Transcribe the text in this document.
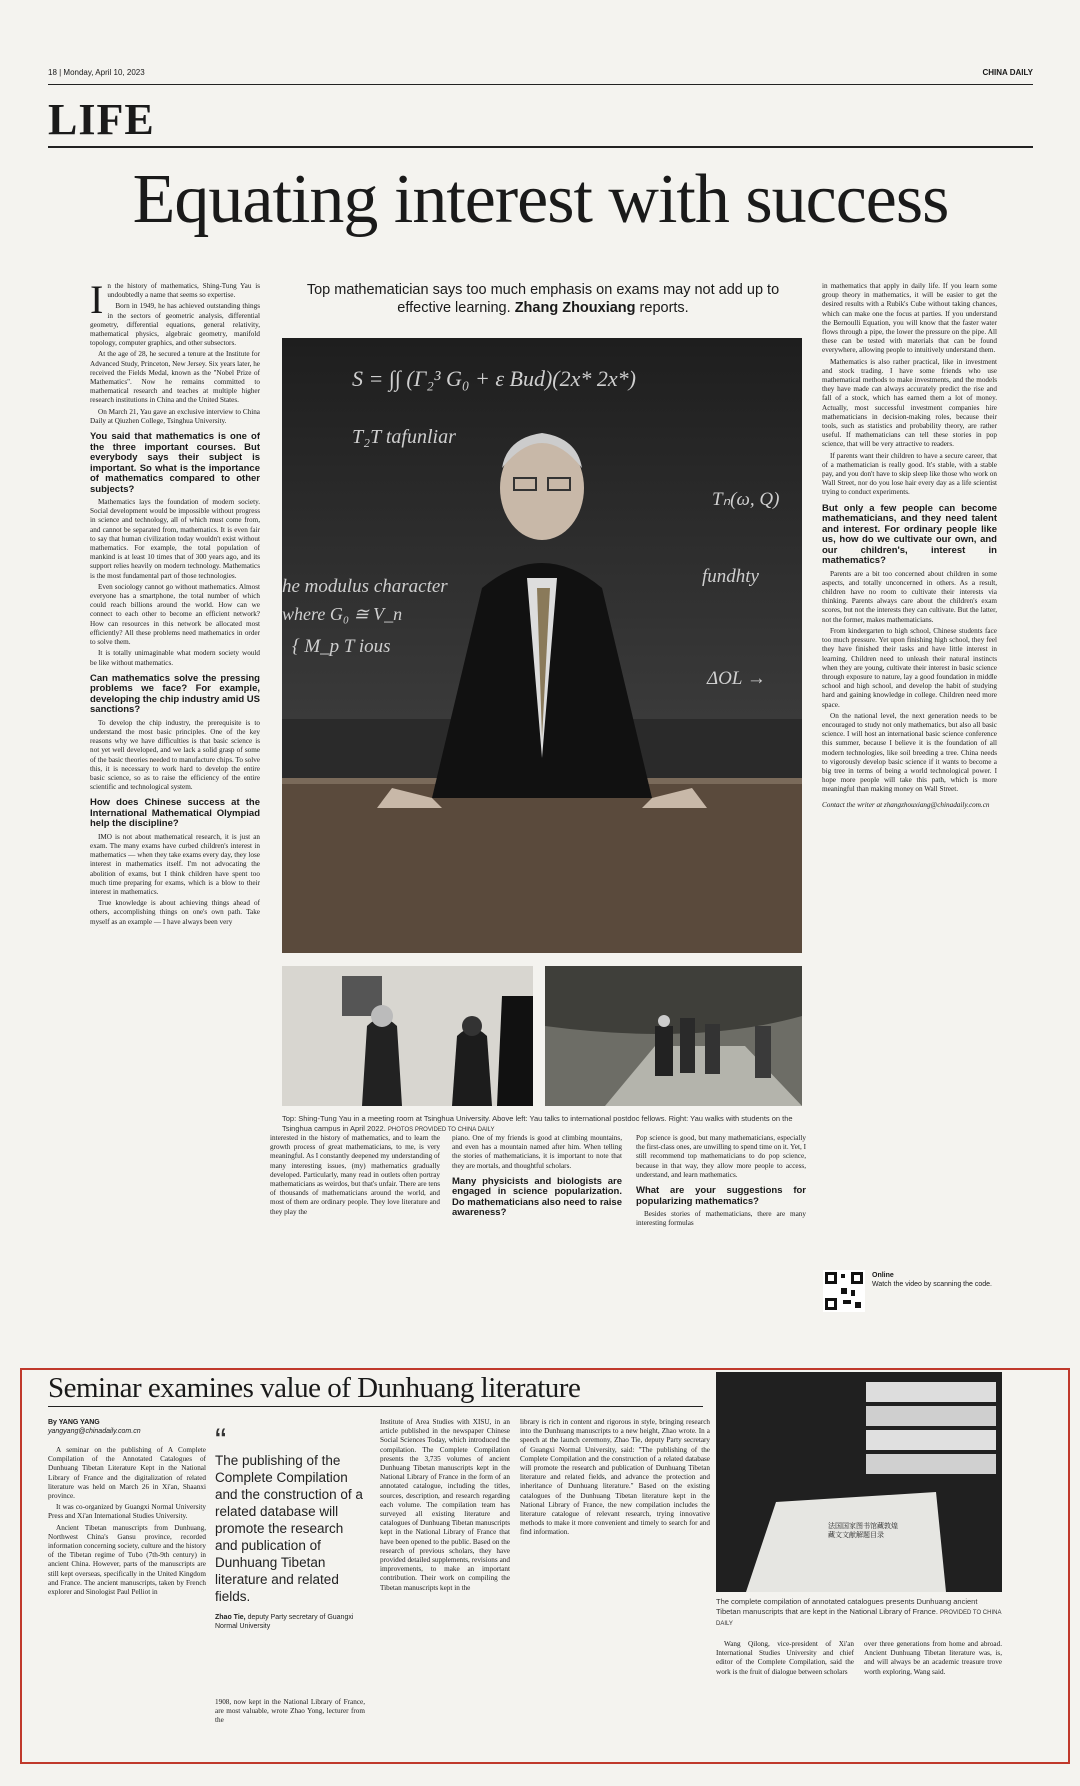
18 | Monday, April 10, 2023	CHINA DAILY
LIFE
Equating interest with success
I n the history of mathematics, Shing-Tung Yau is undoubtedly a name that seems so expertise.

Born in 1949, he has achieved outstanding things in the sectors of geometric analysis, differential geometry, differential equations, general relativity, mathematical physics, algebraic geometry, manifold topology, computer graphics, and other subsectors.

At the age of 28, he secured a tenure at the Institute for Advanced Study, Princeton, New Jersey. Six years later, he received the Fields Medal, known as the "Nobel Prize of Mathematics". Now he remains committed to mathematical research and teaches at multiple higher research institutions in China and the United States.

On March 21, Yau gave an exclusive interview to China Daily at Qiuzhen College, Tsinghua University.

You said that mathematics is one of the three important courses. But everybody says their subject is important. So what is the importance of mathematics compared to other subjects?

Mathematics lays the foundation of modern society. Social development would be impossible without progress in science and technology, all of which must come from, and cannot be separated from, mathematics. It is even fair to say that human civilization today wouldn't exist without mathematics. For example, the total population of mankind is at least 10 times that of 300 years ago, and its support relies heavily on modern technology. Mathematics is the most fundamental part of those technologies.

Even sociology cannot go without mathematics. Almost everyone has a smartphone, the total number of which could reach billions around the world. How can we connect to each other to become an efficient network? How can resources in this network be allocated most efficiently? All these problems need mathematics in order to solve them.

It is totally unimaginable what modern society would be like without mathematics.

Can mathematics solve the pressing problems we face? For example, developing the chip industry amid US sanctions?

To develop the chip industry, the prerequisite is to understand the most basic principles. One of the key reasons why we have difficulties is that basic science is not yet well developed, and we lack a solid grasp of some of the basic theories needed to manufacture chips. To solve this, it is necessary to work hard to develop the entire basic science, so as to raise the efficiency of the entire scientific and technological system.

How does Chinese success at the International Mathematical Olympiad help the discipline?

IMO is not about mathematical research, it is just an exam. The many exams have curbed children's interest in mathematics — when they take exams every day, they lose interest in mathematics itself. I'm not advocating the abolition of exams, but I think children have spent too much time preparing for exams, which is a blow to their interest in mathematics.

True knowledge is about achieving things ahead of others, accomplishing things on one's own path. Take myself as an example — I have always been very

Top mathematician says too much emphasis on exams may not add up to effective learning. Zhang Zhouxiang reports.
S = ∫∫ (Γ₂³ G₀ + ε Bud)(2x* 2x*)
T₂T tafunliar
he modulus character
where G₀ ≅ V_n
{ M_p T ious
Tₙ(ω, Q)
fundhty
ΔOL →
Top: Shing-Tung Yau in a meeting room at Tsinghua University. Above left: Yau talks to international postdoc fellows. Right: Yau walks with students on the Tsinghua campus in April 2022. PHOTOS PROVIDED TO CHINA DAILY

interested in the history of mathematics, and to learn the growth process of great mathematicians, to me, is very meaningful. As I constantly deepened my understanding of many interesting issues, (my) mathematics gradually developed. Particularly, many read in outlets often portray mathematicians as weirdos, but that's unfair. There are tens of thousands of mathematicians around the world, and most of them are ordinary people. They love literature and they play the

piano. One of my friends is good at climbing mountains, and even has a mountain named after him. When telling the stories of mathematicians, it is important to note that they are mortals, and thoughtful scholars.

Many physicists and biologists are engaged in science popularization. Do mathematicians also need to raise awareness?

Pop science is good, but many mathematicians, especially the first-class ones, are unwilling to spend time on it. Yet, I still recommend top mathematicians to do pop science, because in that way, they allow more people to access, understand, and learn mathematics.

What are your suggestions for popularizing mathematics?

Besides stories of mathematicians, there are many interesting formulas

in mathematics that apply in daily life. If you learn some group theory in mathematics, it will be easier to get the desired results with a Rubik's Cube without taking chances, which can make one the focus at parties. If you understand the Bernoulli Equation, you will know that the faster water flows through a pipe, the lower the pressure on the pipe. All these can be tested with materials that can be found everywhere, allowing people to intuitively understand them.

Mathematics is also rather practical, like in investment and stock trading. I have some friends who use mathematical methods to make investments, and the models they have made can always accurately predict the rise and fall of a stock, which has earned them a lot of money. Actually, most successful investment companies hire mathematicians in decision-making roles, because their tools, such as statistics and probability theory, are rather useful. If mathematicians can tell these stories in pop science, that will be very attractive to readers.

If parents want their children to have a secure career, that of a mathematician is really good. It's stable, with a stable pay, and you don't have to skip sleep like those who work on Wall Street, nor do you lose hair every day as a life scientist trying to conduct experiments.

But only a few people can become mathematicians, and they need talent and interest. For ordinary people like us, how do we cultivate our own, and our children's, interest in mathematics?

Parents are a bit too concerned about children in some aspects, and totally unconcerned in others. As a result, children have no room to cultivate their interests via thinking. Parents always care about the children's exam scores, but not the interests they can cultivate. But the latter, not the former, makes mathematicians.

From kindergarten to high school, Chinese students face too much pressure. Yet upon finishing high school, they feel they have finished their tasks and have little interest in learning. Children need to unleash their natural instincts when they are young, cultivate their interest in basic science through exposure to nature, lay a good foundation in middle school and high school, and develop the habit of studying hard and gaining knowledge in college. Children need more space.

On the national level, the next generation needs to be encouraged to study not only mathematics, but also all basic science. I will host an international basic science conference this summer, because I believe it is the foundation of all modern technologies, like soil breeding a tree. China needs to vigorously develop basic science if it wants to become a big tree in terms of being a world technological power. I hope more people will take this path, which is more meaningful than making money on Wall Street.

Contact the writer at zhangzhouxiang@chinadaily.com.cn

Online
Watch the video by scanning the code.
Seminar examines value of Dunhuang literature
By YANG YANG
yangyang@chinadaily.com.cn

A seminar on the publishing of A Complete Compilation of the Annotated Catalogues of Dunhuang Tibetan Literature Kept in the National Library of France and the digitalization of related literature was held on March 26 in Xi'an, Shaanxi province.

It was co-organized by Guangxi Normal University Press and Xi'an International Studies University.

Ancient Tibetan manuscripts from Dunhuang, Northwest China's Gansu province, recorded information concerning society, culture and the history of the Tibetan regime of Tubo (7th-9th century) in ancient China. However, parts of the manuscripts are still kept overseas, specifically in the United Kingdom and France. The ancient manuscripts, taken by French explorer and Sinologist Paul Pelliot in

“
The publishing of the Complete Compilation and the construction of a related database will promote the research and publication of Dunhuang Tibetan literature and related fields.
Zhao Tie, deputy Party secretary of Guangxi Normal University

1908, now kept in the National Library of France, are most valuable, wrote Zhao Yong, lecturer from the

Institute of Area Studies with XISU, in an article published in the newspaper Chinese Social Sciences Today, which introduced the compilation. The Complete Compilation presents the 3,735 volumes of ancient Dunhuang Tibetan manuscripts kept in the National Library of France in the form of an annotated catalogue, including the titles, sources, description, and research regarding each volume. The compilation team has surveyed all existing literature and catalogues of Dunhuang Tibetan manuscripts kept in the National Library of France that have been opened to the public. Based on the research of previous scholars, they have provided detailed supplements, revisions and improvements, to make an important contribution. Their work on compiling the Tibetan manuscripts kept in the

library is rich in content and rigorous in style, bringing research into the Dunhuang manuscripts to a new height, Zhao wrote. In a speech at the launch ceremony, Zhao Tie, deputy Party secretary of Guangxi Normal University, said: "The publishing of the Complete Compilation and the construction of a related database will promote the research and publication of Dunhuang Tibetan literature and related fields, and advance the protection and inheritance of Dunhuang literature." Based on the existing catalogues of the Dunhuang Tibetan literature kept in the National Library of France, the new compilation includes the literature catalogue of relevant research, trying innovative methods to make it more convenient and timely to search for and find information.

法国国家图书馆藏敦煌藏文文献解题目录
The complete compilation of annotated catalogues presents Dunhuang ancient Tibetan manuscripts that are kept in the National Library of France. PROVIDED TO CHINA DAILY

Wang Qilong, vice-president of Xi'an International Studies University and chief editor of the Complete Compilation, said the work is the fruit of dialogue between scholars

over three generations from home and abroad. Ancient Dunhuang Tibetan literature was, is, and will always be an academic treasure trove worth exploring, Wang said.
